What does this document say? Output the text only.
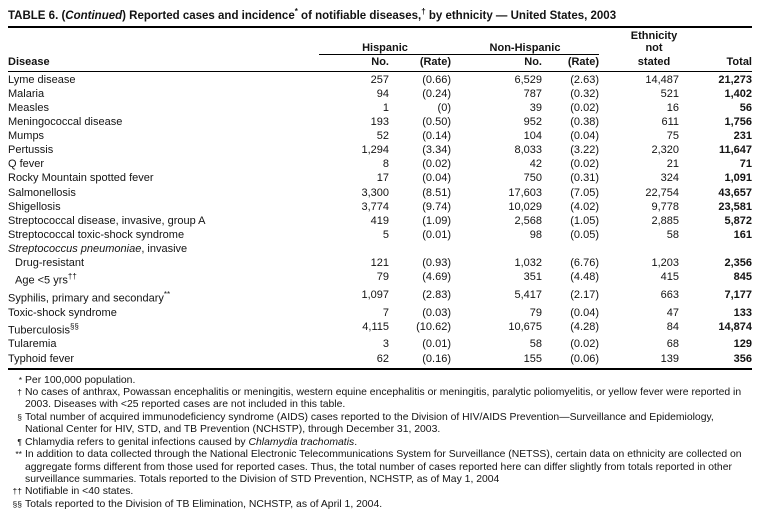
TABLE 6. (Continued) Reported cases and incidence* of notifiable diseases,† by ethnicity — United States, 2003
Ethnicity
Hispanic	Non-Hispanic	not
Disease	No.	(Rate)	No.	(Rate)	stated	Total
Lyme disease	257	(0.66)	6,529	(2.63)	14,487	21,273
Malaria	94	(0.24)	787	(0.32)	521	1,402
Measles	1	(0)	39	(0.02)	16	56
Meningococcal disease	193	(0.50)	952	(0.38)	611	1,756
Mumps	52	(0.14)	104	(0.04)	75	231
Pertussis	1,294	(3.34)	8,033	(3.22)	2,320	11,647
Q fever	8	(0.02)	42	(0.02)	21	71
Rocky Mountain spotted fever	17	(0.04)	750	(0.31)	324	1,091
Salmonellosis	3,300	(8.51)	17,603	(7.05)	22,754	43,657
Shigellosis	3,774	(9.74)	10,029	(4.02)	9,778	23,581
Streptococcal disease, invasive, group A	419	(1.09)	2,568	(1.05)	2,885	5,872
Streptococcal toxic-shock syndrome	5	(0.01)	98	(0.05)	58	161
Streptococcus pneumoniae, invasive
Drug-resistant	121	(0.93)	1,032	(6.76)	1,203	2,356
Age <5 yrs††	79	(4.69)	351	(4.48)	415	845
Syphilis, primary and secondary**	1,097	(2.83)	5,417	(2.17)	663	7,177
Toxic-shock syndrome	7	(0.03)	79	(0.04)	47	133
Tuberculosis§§	4,115	(10.62)	10,675	(4.28)	84	14,874
Tularemia	3	(0.01)	58	(0.02)	68	129
Typhoid fever	62	(0.16)	155	(0.06)	139	356
* Per 100,000 population.
† No cases of anthrax, Powassan encephalitis or meningitis, western equine encephalitis or meningitis, paralytic poliomyelitis, or yellow fever were reported in 2003. Diseases with <25 reported cases are not included in this table.
§ Total number of acquired immunodeficiency syndrome (AIDS) cases reported to the Division of HIV/AIDS Prevention—Surveillance and Epidemiology, National Center for HIV, STD, and TB Prevention (NCHSTP), through December 31, 2003.
¶ Chlamydia refers to genital infections caused by Chlamydia trachomatis.
** In addition to data collected through the National Electronic Telecommunications System for Surveillance (NETSS), certain data on ethnicity are collected on aggregate forms different from those used for reported cases. Thus, the total number of cases reported here can differ slightly from totals reported in other surveillance summaries. Totals reported to the Division of STD Prevention, NCHSTP, as of May 1, 2004
†† Notifiable in <40 states.
§§ Totals reported to the Division of TB Elimination, NCHSTP, as of April 1, 2004.
